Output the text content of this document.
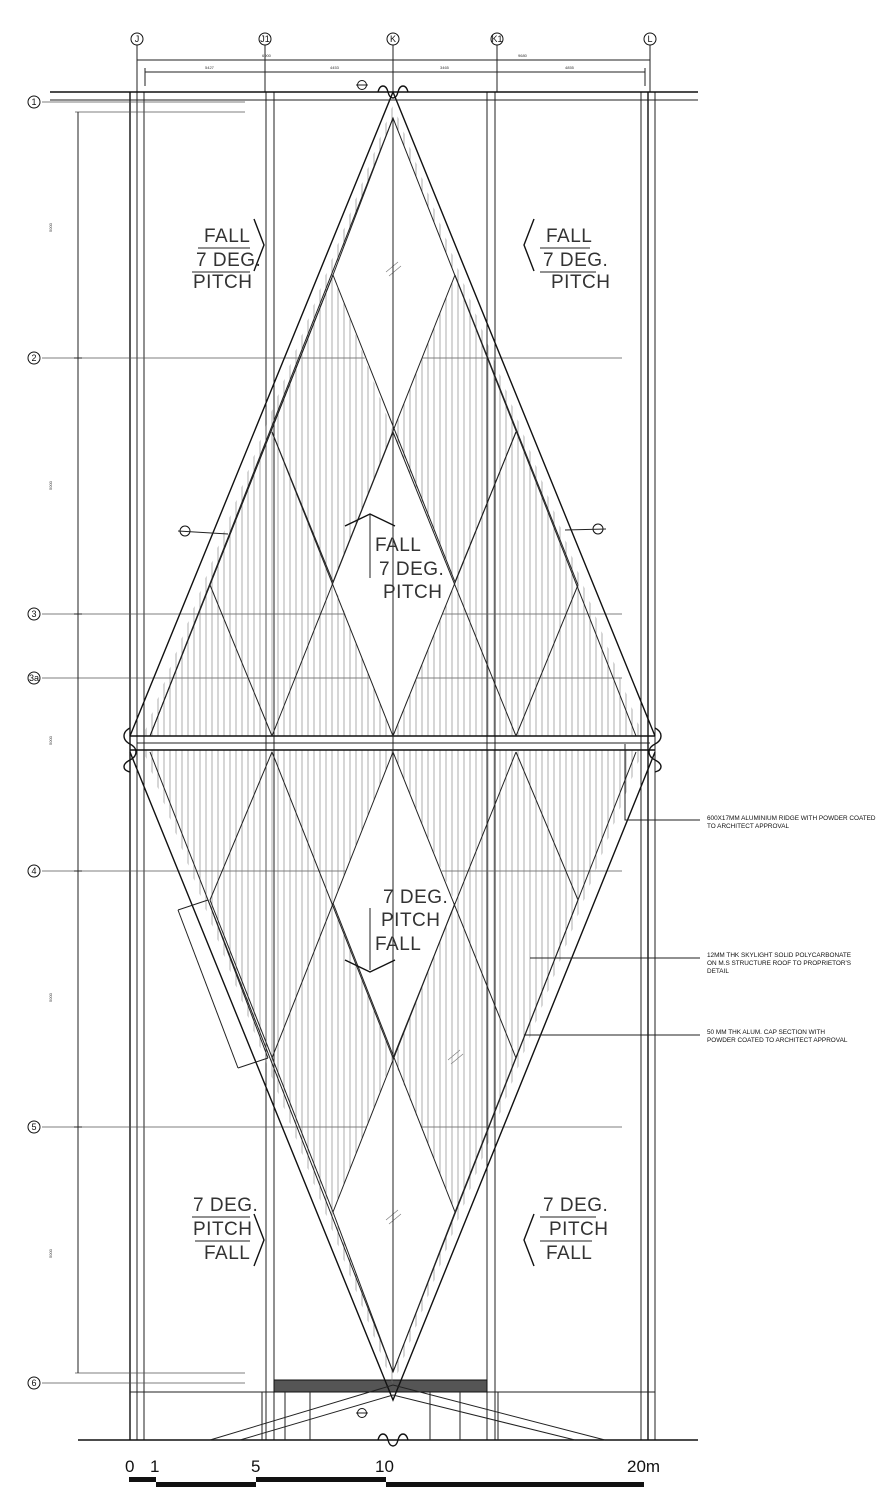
5000
5000
5000
5000
5000
6000	9680
5427	4453	3465	4855
J	J1	K	K1	L
1
2
3
3a
4
5
6
FALL
7 DEG.
PITCH
FALL
7 DEG.
PITCH
FALL
7 DEG.
PITCH
7 DEG.
PITCH
FALL
7 DEG.
PITCH
FALL
7 DEG.
PITCH
FALL
600X17MM ALUMINIUM RIDGE WITH POWDER COATED
TO ARCHITECT APPROVAL
12MM THK SKYLIGHT SOLID POLYCARBONATE
ON M.S STRUCTURE ROOF TO PROPRIETOR'S
DETAIL
50 MM THK ALUM. CAP SECTION WITH
POWDER COATED TO ARCHITECT APPROVAL
0 1	5	10	20m
